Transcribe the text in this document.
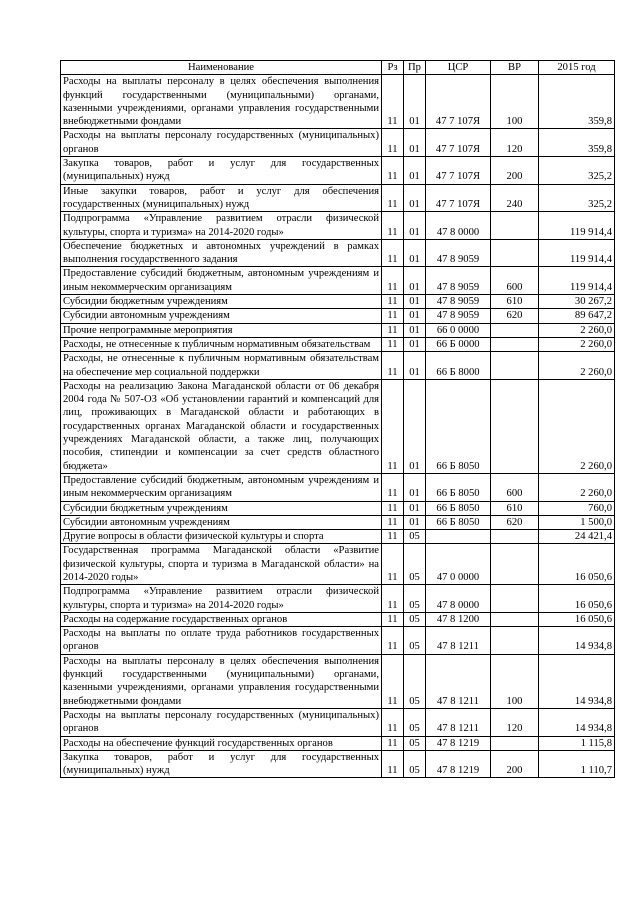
Наименование	Рз	Пр	ЦСР	ВР	2015 год
Расходы на выплаты персоналу в целях обеспечения выполнения функций государственными (муниципальными) органами, казенными учреждениями, органами управления государственными внебюджетными фондами	11	01	47 7 107Я	100	359,8
Расходы на выплаты персоналу государственных (муниципальных) органов	11	01	47 7 107Я	120	359,8
Закупка товаров, работ и услуг для государственных (муниципальных) нужд	11	01	47 7 107Я	200	325,2
Иные закупки товаров, работ и услуг для обеспечения государственных (муниципальных) нужд	11	01	47 7 107Я	240	325,2
Подпрограмма «Управление развитием отрасли физической культуры, спорта и туризма» на 2014-2020 годы»	11	01	47 8 0000		119 914,4
Обеспечение бюджетных и автономных учреждений в рамках выполнения государственного задания	11	01	47 8 9059		119 914,4
Предоставление субсидий бюджетным, автономным учреждениям и иным некоммерческим организациям	11	01	47 8 9059	600	119 914,4
Субсидии бюджетным учреждениям	11	01	47 8 9059	610	30 267,2
Субсидии автономным учреждениям	11	01	47 8 9059	620	89 647,2
Прочие непрограммные мероприятия	11	01	66 0 0000		2 260,0
Расходы, не отнесенные к публичным нормативным обязательствам	11	01	66 Б 0000		2 260,0
Расходы, не отнесенные к публичным нормативным обязательствам на обеспечение мер социальной поддержки	11	01	66 Б 8000		2 260,0
Расходы на реализацию Закона Магаданской области от 06 декабря 2004 года № 507-ОЗ «Об установлении гарантий и компенсаций для лиц, проживающих в Магаданской области и работающих в государственных органах Магаданской области и государственных учреждениях Магаданской области, а также лиц, получающих пособия, стипендии и компенсации за счет средств областного бюджета»	11	01	66 Б 8050		2 260,0
Предоставление субсидий бюджетным, автономным учреждениям и иным некоммерческим организациям	11	01	66 Б 8050	600	2 260,0
Субсидии бюджетным учреждениям	11	01	66 Б 8050	610	760,0
Субсидии автономным учреждениям	11	01	66 Б 8050	620	1 500,0
Другие вопросы в области физической культуры и спорта	11	05			24 421,4
Государственная программа Магаданской области «Развитие физической культуры, спорта и туризма в Магаданской области» на 2014-2020 годы»	11	05	47 0 0000		16 050,6
Подпрограмма «Управление развитием отрасли физической культуры, спорта и туризма» на 2014-2020 годы»	11	05	47 8 0000		16 050,6
Расходы на содержание государственных органов	11	05	47 8 1200		16 050,6
Расходы на выплаты по оплате труда работников государственных органов	11	05	47 8 1211		14 934,8
Расходы на выплаты персоналу в целях обеспечения выполнения функций государственными (муниципальными) органами, казенными учреждениями, органами управления государственными внебюджетными фондами	11	05	47 8 1211	100	14 934,8
Расходы на выплаты персоналу государственных (муниципальных) органов	11	05	47 8 1211	120	14 934,8
Расходы на обеспечение функций государственных органов	11	05	47 8 1219		1 115,8
Закупка товаров, работ и услуг для государственных (муниципальных) нужд	11	05	47 8 1219	200	1 110,7
